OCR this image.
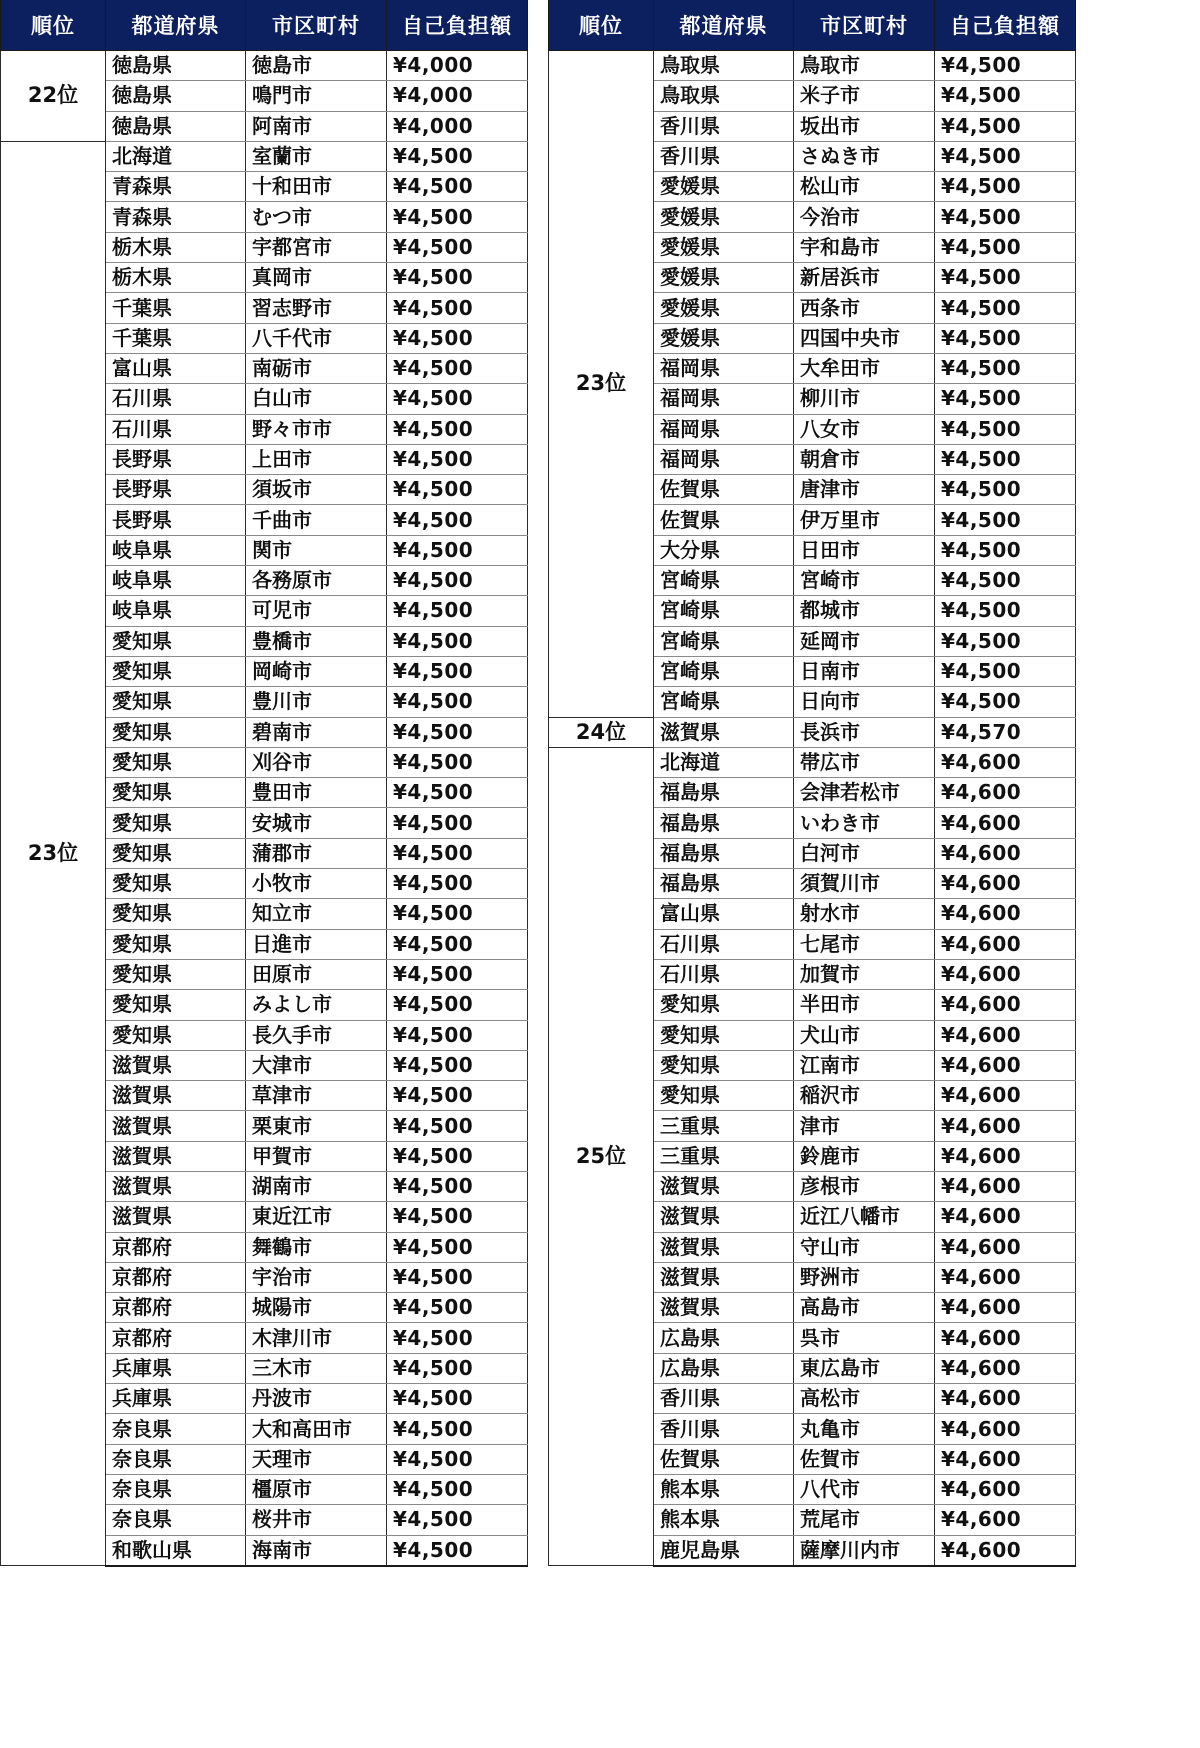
順位	都道府県	市区町村	自己負担額
22位	徳島県	徳島市	¥4,000
	徳島県	鳴門市	¥4,000
	徳島県	阿南市	¥4,000
23位	北海道	室蘭市	¥4,500
	青森県	十和田市	¥4,500
	青森県	むつ市	¥4,500
	栃木県	宇都宮市	¥4,500
	栃木県	真岡市	¥4,500
	千葉県	習志野市	¥4,500
	千葉県	八千代市	¥4,500
	富山県	南砺市	¥4,500
	石川県	白山市	¥4,500
	石川県	野々市市	¥4,500
	長野県	上田市	¥4,500
	長野県	須坂市	¥4,500
	長野県	千曲市	¥4,500
	岐阜県	関市	¥4,500
	岐阜県	各務原市	¥4,500
	岐阜県	可児市	¥4,500
	愛知県	豊橋市	¥4,500
	愛知県	岡崎市	¥4,500
	愛知県	豊川市	¥4,500
	愛知県	碧南市	¥4,500
	愛知県	刈谷市	¥4,500
	愛知県	豊田市	¥4,500
	愛知県	安城市	¥4,500
	愛知県	蒲郡市	¥4,500
	愛知県	小牧市	¥4,500
	愛知県	知立市	¥4,500
	愛知県	日進市	¥4,500
	愛知県	田原市	¥4,500
	愛知県	みよし市	¥4,500
	愛知県	長久手市	¥4,500
	滋賀県	大津市	¥4,500
	滋賀県	草津市	¥4,500
	滋賀県	栗東市	¥4,500
	滋賀県	甲賀市	¥4,500
	滋賀県	湖南市	¥4,500
	滋賀県	東近江市	¥4,500
	京都府	舞鶴市	¥4,500
	京都府	宇治市	¥4,500
	京都府	城陽市	¥4,500
	京都府	木津川市	¥4,500
	兵庫県	三木市	¥4,500
	兵庫県	丹波市	¥4,500
	奈良県	大和高田市	¥4,500
	奈良県	天理市	¥4,500
	奈良県	橿原市	¥4,500
	奈良県	桜井市	¥4,500
	和歌山県	海南市	¥4,500
順位	都道府県	市区町村	自己負担額
23位	鳥取県	鳥取市	¥4,500
	鳥取県	米子市	¥4,500
	香川県	坂出市	¥4,500
	香川県	さぬき市	¥4,500
	愛媛県	松山市	¥4,500
	愛媛県	今治市	¥4,500
	愛媛県	宇和島市	¥4,500
	愛媛県	新居浜市	¥4,500
	愛媛県	西条市	¥4,500
	愛媛県	四国中央市	¥4,500
	福岡県	大牟田市	¥4,500
	福岡県	柳川市	¥4,500
	福岡県	八女市	¥4,500
	福岡県	朝倉市	¥4,500
	佐賀県	唐津市	¥4,500
	佐賀県	伊万里市	¥4,500
	大分県	日田市	¥4,500
	宮崎県	宮崎市	¥4,500
	宮崎県	都城市	¥4,500
	宮崎県	延岡市	¥4,500
	宮崎県	日南市	¥4,500
	宮崎県	日向市	¥4,500
24位	滋賀県	長浜市	¥4,570
25位	北海道	帯広市	¥4,600
	福島県	会津若松市	¥4,600
	福島県	いわき市	¥4,600
	福島県	白河市	¥4,600
	福島県	須賀川市	¥4,600
	富山県	射水市	¥4,600
	石川県	七尾市	¥4,600
	石川県	加賀市	¥4,600
	愛知県	半田市	¥4,600
	愛知県	犬山市	¥4,600
	愛知県	江南市	¥4,600
	愛知県	稲沢市	¥4,600
	三重県	津市	¥4,600
	三重県	鈴鹿市	¥4,600
	滋賀県	彦根市	¥4,600
	滋賀県	近江八幡市	¥4,600
	滋賀県	守山市	¥4,600
	滋賀県	野洲市	¥4,600
	滋賀県	高島市	¥4,600
	広島県	呉市	¥4,600
	広島県	東広島市	¥4,600
	香川県	高松市	¥4,600
	香川県	丸亀市	¥4,600
	佐賀県	佐賀市	¥4,600
	熊本県	八代市	¥4,600
	熊本県	荒尾市	¥4,600
	鹿児島県	薩摩川内市	¥4,600
